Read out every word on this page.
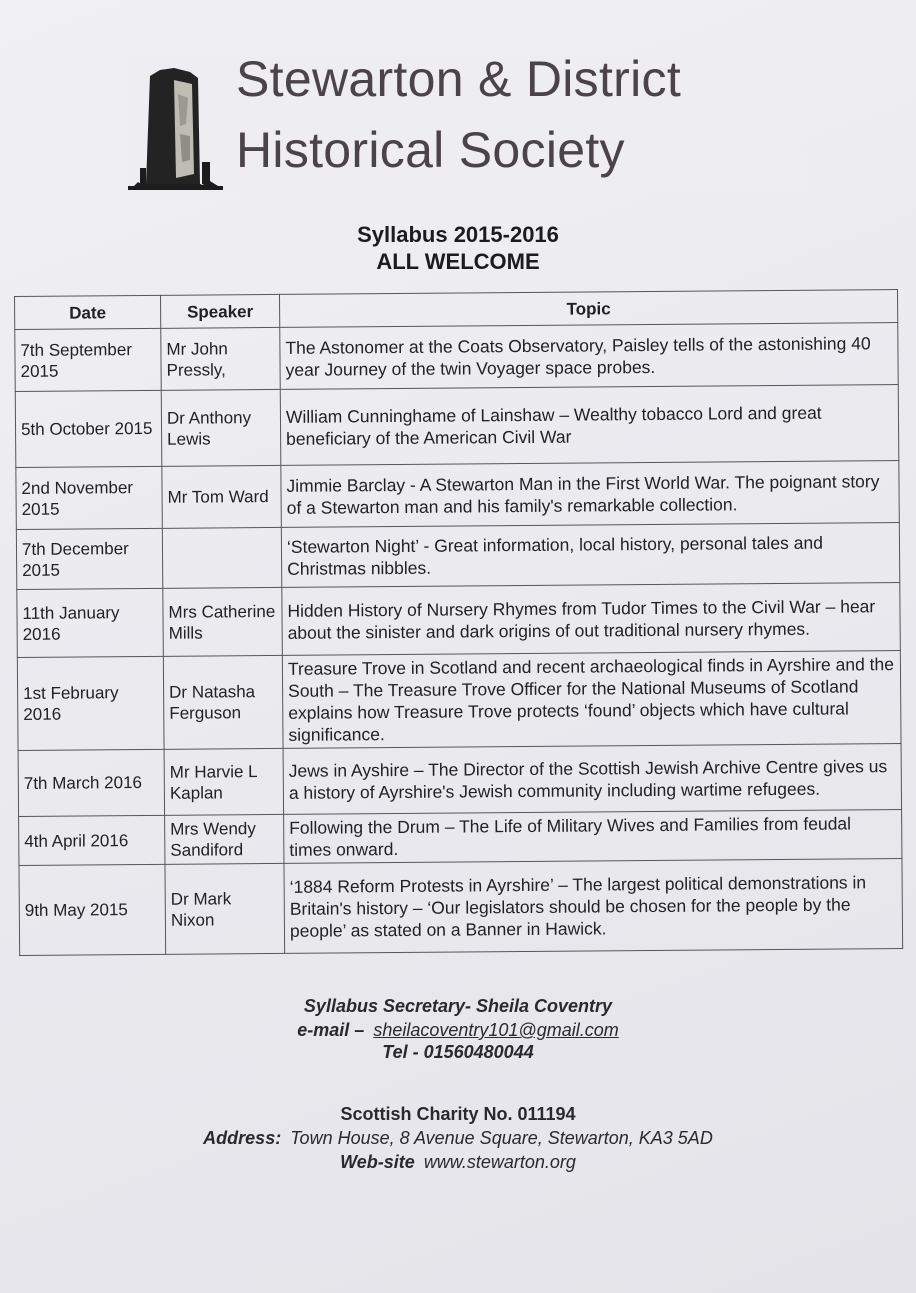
Stewarton & District
Historical Society
Syllabus 2015-2016
ALL WELCOME
Date	Speaker	Topic
7th September 2015	Mr John Pressly,	The Astonomer at the Coats Observatory, Paisley tells of the astonishing 40 year Journey of the twin Voyager space probes.
5th October 2015	Dr Anthony Lewis	William Cunninghame of Lainshaw – Wealthy tobacco Lord and great beneficiary of the American Civil War
2nd November 2015	Mr Tom Ward	Jimmie Barclay - A Stewarton Man in the First World War. The poignant story of a Stewarton man and his family's remarkable collection.
7th December 2015		‘Stewarton Night’ - Great information, local history, personal tales and Christmas nibbles.
11th January 2016	Mrs Catherine Mills	Hidden History of Nursery Rhymes from Tudor Times to the Civil War – hear about the sinister and dark origins of out traditional nursery rhymes.
1st February 2016	Dr Natasha Ferguson	Treasure Trove in Scotland and recent archaeological finds in Ayrshire and the South – The Treasure Trove Officer for the National Museums of Scotland explains how Treasure Trove protects ‘found’ objects which have cultural significance.
7th March 2016	Mr Harvie L Kaplan	Jews in Ayshire – The Director of the Scottish Jewish Archive Centre gives us a history of Ayrshire's Jewish community including wartime refugees.
4th April 2016	Mrs Wendy Sandiford	Following the Drum – The Life of Military Wives and Families from feudal times onward.
9th May 2015	Dr Mark Nixon	‘1884 Reform Protests in Ayrshire’ – The largest political demonstrations in Britain's history – ‘Our legislators should be chosen for the people by the people’ as stated on a Banner in Hawick.
Syllabus Secretary- Sheila Coventry
e-mail – sheilacoventry101@gmail.com
Tel - 01560480044
Scottish Charity No. 011194
Address: Town House, 8 Avenue Square, Stewarton, KA3 5AD
Web-site www.stewarton.org
